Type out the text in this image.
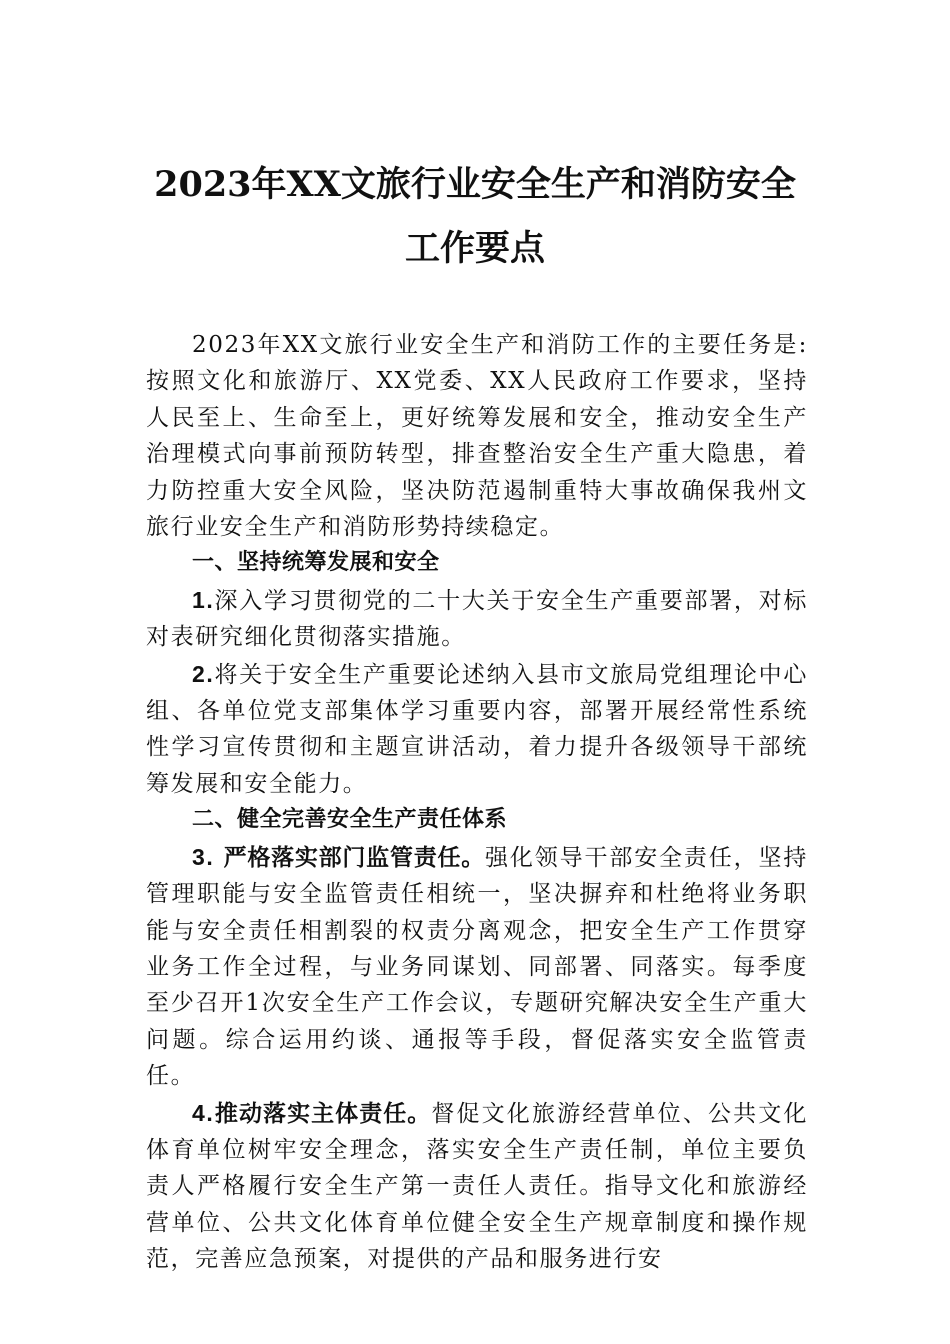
2023年XX文旅行业安全生产和消防安全
工作要点

2023年XX文旅行业安全生产和消防工作的主要任务是:按照文化和旅游厅、XX党委、XX人民政府工作要求，坚持人民至上、生命至上，更好统筹发展和安全，推动安全生产治理模式向事前预防转型，排查整治安全生产重大隐患，着力防控重大安全风险，坚决防范遏制重特大事故确保我州文旅行业安全生产和消防形势持续稳定。

一、坚持统筹发展和安全

1.深入学习贯彻党的二十大关于安全生产重要部署，对标对表研究细化贯彻落实措施。

2.将关于安全生产重要论述纳入县市文旅局党组理论中心组、各单位党支部集体学习重要内容，部署开展经常性系统性学习宣传贯彻和主题宣讲活动，着力提升各级领导干部统筹发展和安全能力。

二、健全完善安全生产责任体系

3. 严格落实部门监管责任。强化领导干部安全责任，坚持管理职能与安全监管责任相统一，坚决摒弃和杜绝将业务职能与安全责任相割裂的权责分离观念，把安全生产工作贯穿业务工作全过程，与业务同谋划、同部署、同落实。每季度至少召开1次安全生产工作会议，专题研究解决安全生产重大问题。综合运用约谈、通报等手段，督促落实安全监管责任。

4.推动落实主体责任。督促文化旅游经营单位、公共文化体育单位树牢安全理念，落实安全生产责任制，单位主要负责人严格履行安全生产第一责任人责任。指导文化和旅游经营单位、公共文化体育单位健全安全生产规章制度和操作规范，完善应急预案，对提供的产品和服务进行安
